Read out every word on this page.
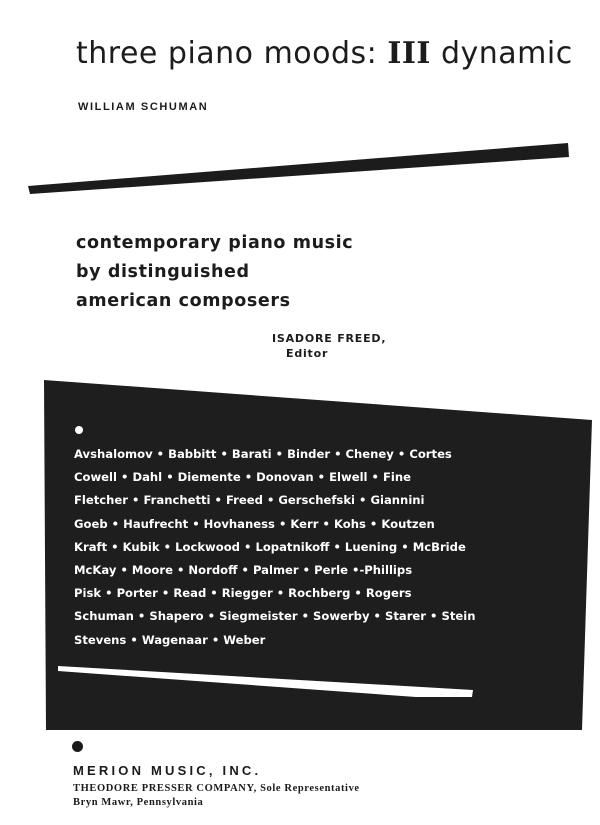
three piano moods: III dynamic
WILLIAM SCHUMAN
contemporary piano music
by distinguished
american composers
ISADORE FREED,
Editor
Avshalomov • Babbitt • Barati • Binder • Cheney • Cortes
Cowell • Dahl • Diemente • Donovan • Elwell • Fine
Fletcher • Franchetti • Freed • Gerschefski • Giannini
Goeb • Haufrecht • Hovhaness • Kerr • Kohs • Koutzen
Kraft • Kubik • Lockwood • Lopatnikoff • Luening • McBride
McKay • Moore • Nordoff • Palmer • Perle •-Phillips
Pisk • Porter • Read • Riegger • Rochberg • Rogers
Schuman • Shapero • Siegmeister • Sowerby • Starer • Stein
Stevens • Wagenaar • Weber
MERION MUSIC, INC.
THEODORE PRESSER COMPANY, Sole Representative
Bryn Mawr, Pennsylvania
